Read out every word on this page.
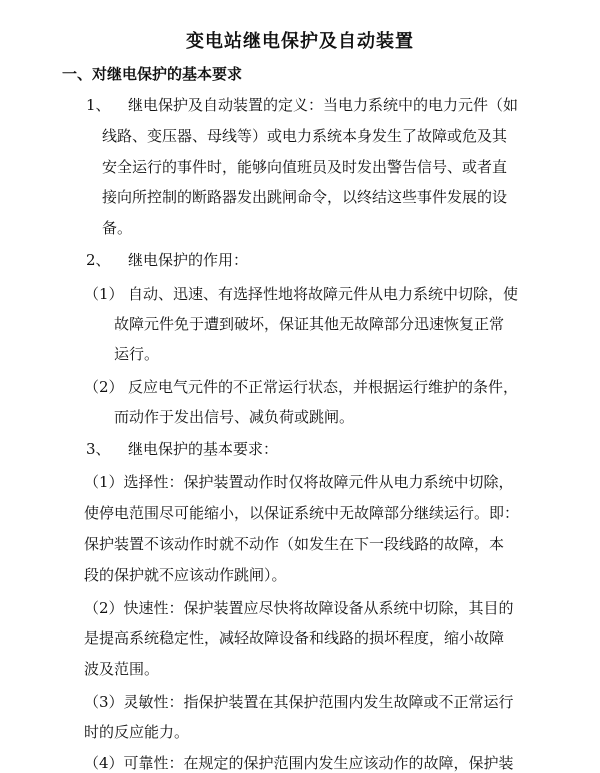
变电站继电保护及自动装置
一、对继电保护的基本要求
1、 继电保护及自动装置的定义：当电力系统中的电力元件（如
线路、变压器、母线等）或电力系统本身发生了故障或危及其
安全运行的事件时，能够向值班员及时发出警告信号、或者直
接向所控制的断路器发出跳闸命令，以终结这些事件发展的设
备。
2、 继电保护的作用：
（1） 自动、迅速、有选择性地将故障元件从电力系统中切除，使
故障元件免于遭到破坏，保证其他无故障部分迅速恢复正常
运行。
（2） 反应电气元件的不正常运行状态，并根据运行维护的条件，
而动作于发出信号、减负荷或跳闸。
3、 继电保护的基本要求：
（1）选择性：保护装置动作时仅将故障元件从电力系统中切除，
使停电范围尽可能缩小，以保证系统中无故障部分继续运行。即：
保护装置不该动作时就不动作（如发生在下一段线路的故障，本
段的保护就不应该动作跳闸）。
（2）快速性：保护装置应尽快将故障设备从系统中切除，其目的
是提高系统稳定性，减轻故障设备和线路的损坏程度，缩小故障
波及范围。
（3）灵敏性：指保护装置在其保护范围内发生故障或不正常运行
时的反应能力。
（4）可靠性：在规定的保护范围内发生应该动作的故障，保护装
